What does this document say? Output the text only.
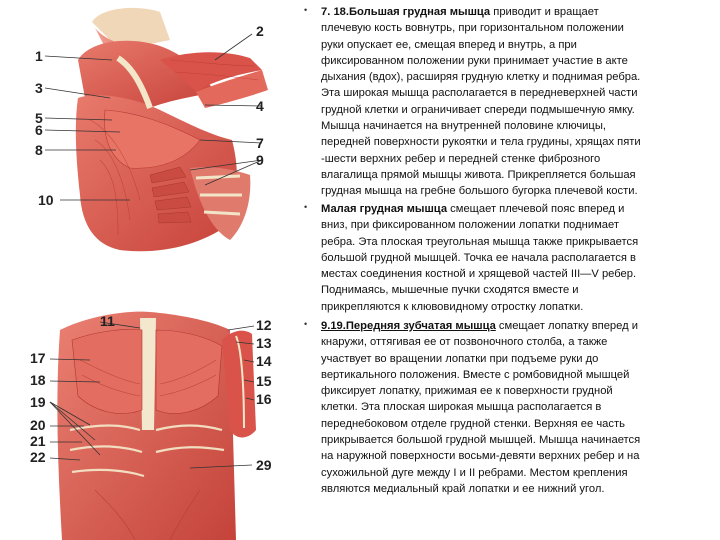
1
2
3
4
5
6
7
8
9
10
11	12
13
14
15
16
17
18
19
20
21
22	29
• 7. 18.Большая грудная мышца приводит и вращает

плечевую кость вовнутрь, при горизонтальном положении

руки опускает ее, смещая вперед и внутрь, а при

фиксированном положении руки принимает участие в акте

дыхания (вдох), расширяя грудную клетку и поднимая ребра.

Эта широкая мышца располагается в передневерхней части

грудной клетки и ограничивает спереди подмышечную ямку.

Мышца начинается на внутренней половине ключицы,

передней поверхности рукоятки и тела грудины, хрящах пяти

-шести верхних ребер и передней стенке фиброзного

влагалища прямой мышцы живота. Прикрепляется большая

грудная мышца на гребне большого бугорка плечевой кости.

• Малая грудная мышца смещает плечевой пояс вперед и

вниз, при фиксированном положении лопатки поднимает

ребра. Эта плоская треугольная мышца также прикрывается

большой грудной мышцей. Точка ее начала располагается в

местах соединения костной и хрящевой частей III—V ребер.

Поднимаясь, мышечные пучки сходятся вместе и

прикрепляются к клювовидному отростку лопатки.

• 9.19.Передняя зубчатая мышца смещает лопатку вперед и

кнаружи, оттягивая ее от позвоночного столба, а также

участвует во вращении лопатки при подъеме руки до

вертикального положения. Вместе с ромбовидной мышцей

фиксирует лопатку, прижимая ее к поверхности грудной

клетки. Эта плоская широкая мышца располагается в

переднебоковом отделе грудной стенки. Верхняя ее часть

прикрывается большой грудной мышцей. Мышца начинается

на наружной поверхности восьми-девяти верхних ребер и на

сухожильной дуге между I и II ребрами. Местом крепления

являются медиальный край лопатки и ее нижний угол.
